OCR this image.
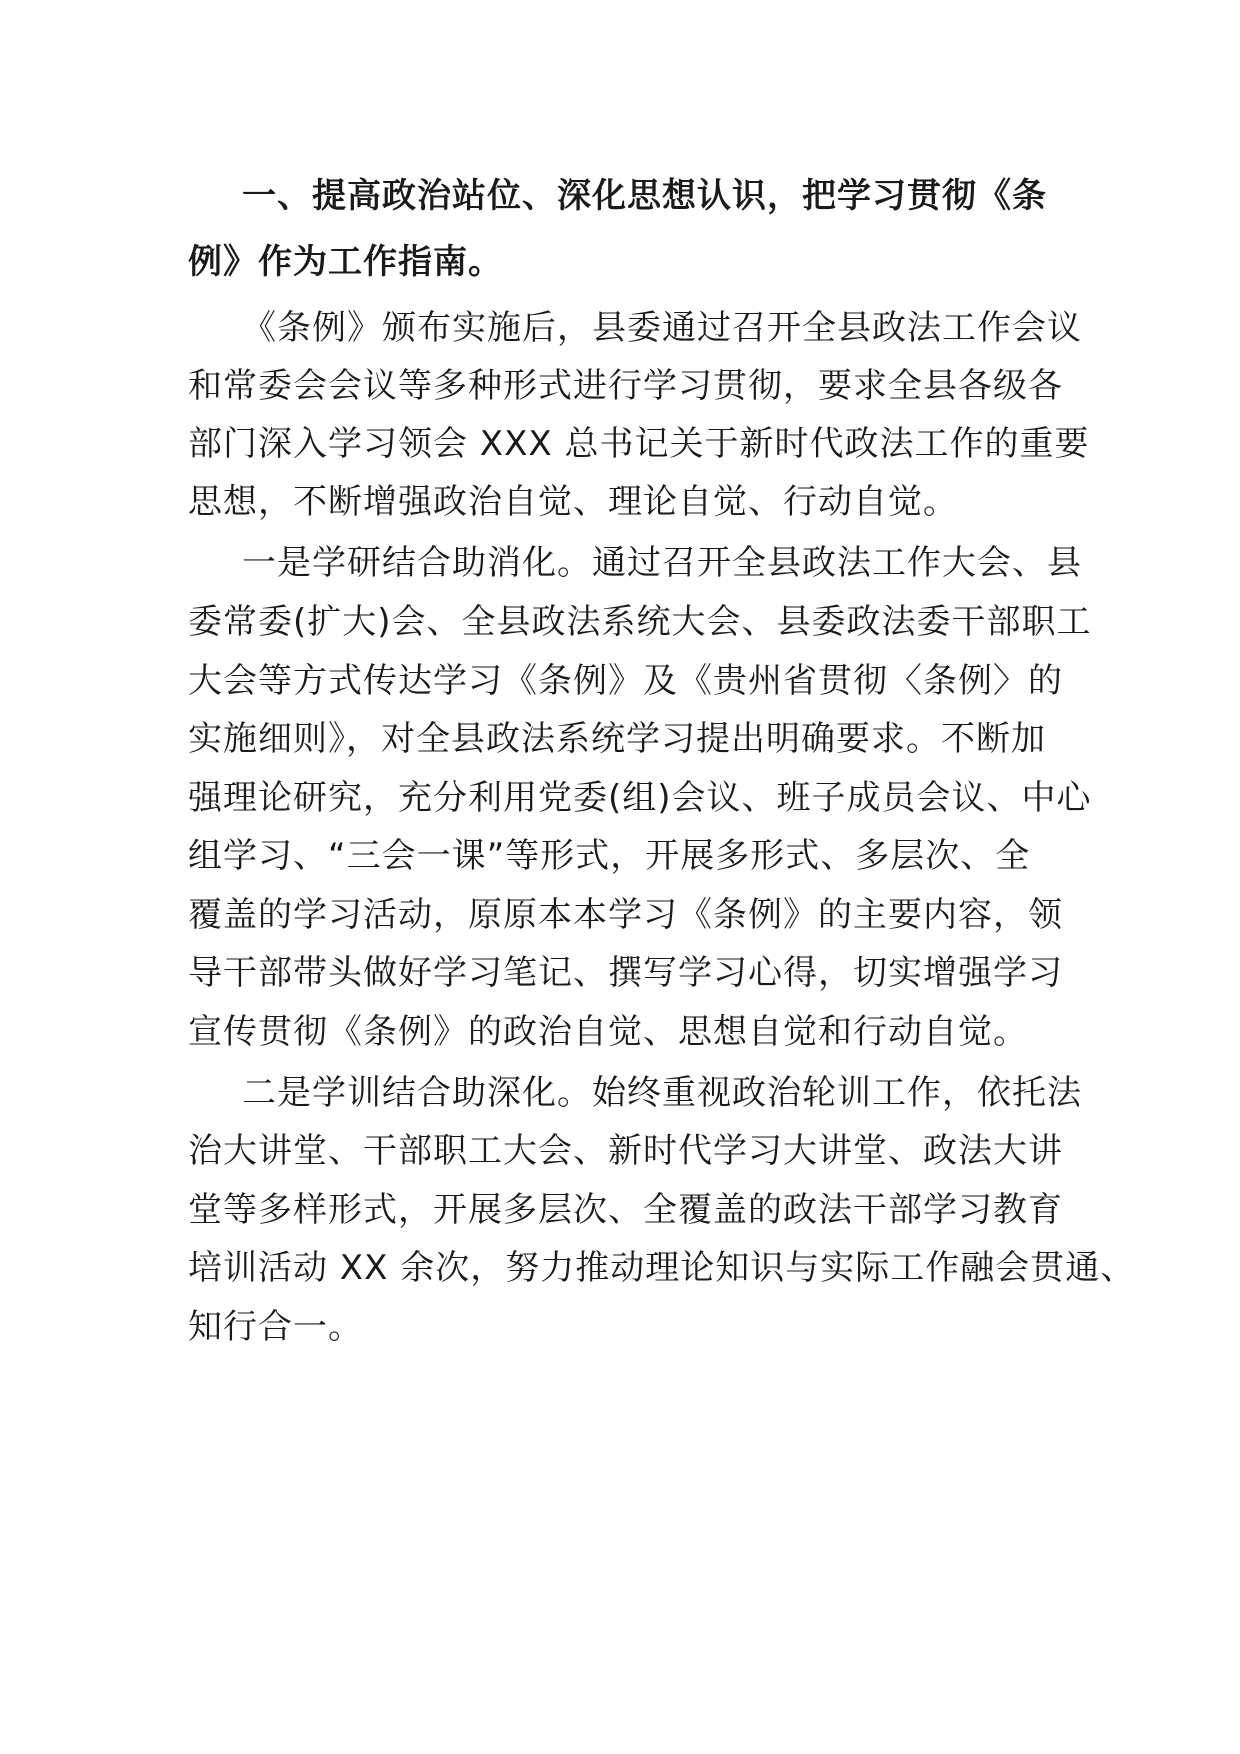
一、提高政治站位、深化思想认识，把学习贯彻《条
例》作为工作指南。
《条例》颁布实施后，县委通过召开全县政法工作会议
和常委会会议等多种形式进行学习贯彻，要求全县各级各
部门深入学习领会 XXX 总书记关于新时代政法工作的重要
思想，不断增强政治自觉、理论自觉、行动自觉。
一是学研结合助消化。通过召开全县政法工作大会、县
委常委(扩大)会、全县政法系统大会、县委政法委干部职工
大会等方式传达学习《条例》及《贵州省贯彻〈条例〉的
实施细则》，对全县政法系统学习提出明确要求。不断加
强理论研究，充分利用党委(组)会议、班子成员会议、中心
组学习、“三会一课”等形式，开展多形式、多层次、全
覆盖的学习活动，原原本本学习《条例》的主要内容，领
导干部带头做好学习笔记、撰写学习心得，切实增强学习
宣传贯彻《条例》的政治自觉、思想自觉和行动自觉。
二是学训结合助深化。始终重视政治轮训工作，依托法
治大讲堂、干部职工大会、新时代学习大讲堂、政法大讲
堂等多样形式，开展多层次、全覆盖的政法干部学习教育
培训活动 XX 余次，努力推动理论知识与实际工作融会贯通、
知行合一。
